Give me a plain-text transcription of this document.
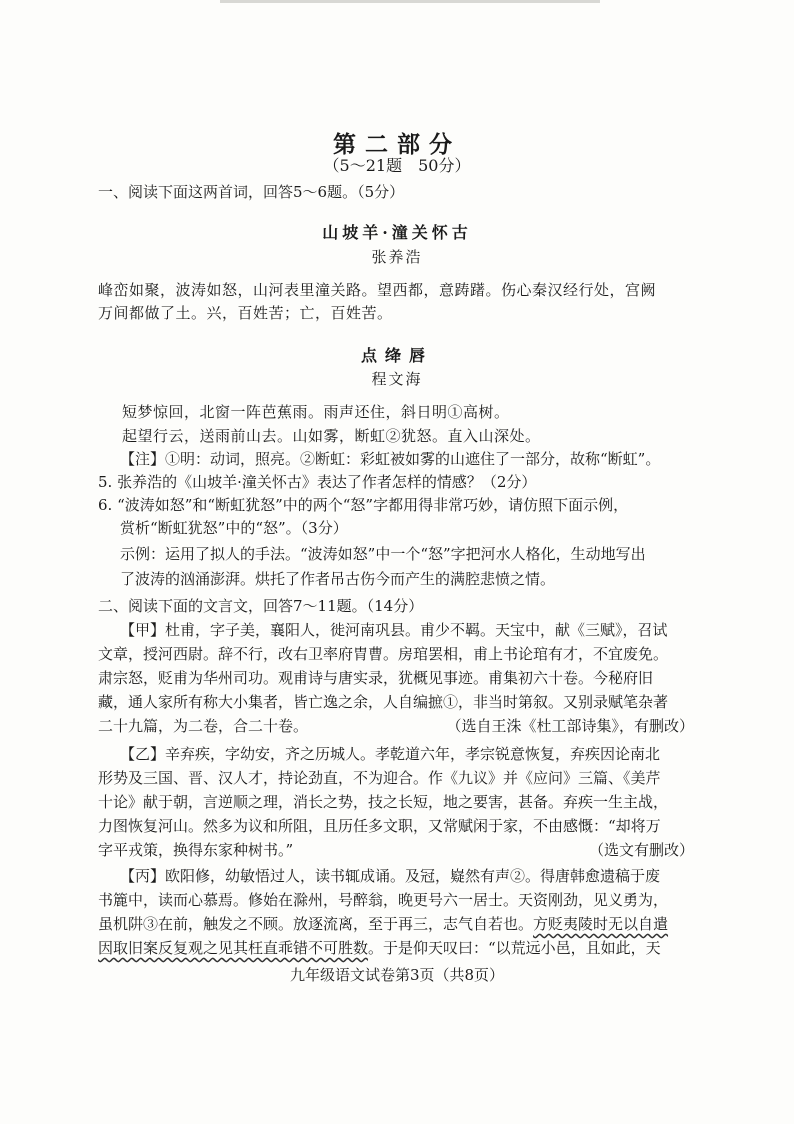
第二部分
（5～21题　50分）
一、阅读下面这两首词，回答5～6题。（5分）
山坡羊·潼关怀古
张养浩
峰峦如聚，波涛如怒，山河表里潼关路。望西都，意踌躇。伤心秦汉经行处，宫阙
万间都做了土。兴，百姓苦；亡，百姓苦。
点绛唇
程文海
短梦惊回，北窗一阵芭蕉雨。雨声还住，斜日明①高树。
起望行云，送雨前山去。山如雾，断虹②犹怒。直入山深处。
【注】①明：动词，照亮。②断虹：彩虹被如雾的山遮住了一部分，故称“断虹”。
5. 张养浩的《山坡羊·潼关怀古》表达了作者怎样的情感？（2分）
6. “波涛如怒”和“断虹犹怒”中的两个“怒”字都用得非常巧妙，请仿照下面示例，
赏析“断虹犹怒”中的“怒”。（3分）
示例：运用了拟人的手法。“波涛如怒”中一个“怒”字把河水人格化，生动地写出
了波涛的汹涌澎湃。烘托了作者吊古伤今而产生的满腔悲愤之情。
二、阅读下面的文言文，回答7～11题。（14分）
【甲】杜甫，字子美，襄阳人，徙河南巩县。甫少不羁。天宝中，献《三赋》，召试
文章，授河西尉。辞不行，改右卫率府胄曹。房琯罢相，甫上书论琯有才，不宜废免。
肃宗怒，贬甫为华州司功。观甫诗与唐实录，犹概见事迹。甫集初六十卷。今秘府旧
藏，通人家所有称大小集者，皆亡逸之余，人自编摭①，非当时第叙。又别录赋笔杂著
二十九篇，为二卷，合二十卷。	（选自王洙《杜工部诗集》，有删改）
【乙】辛弃疾，字幼安，齐之历城人。孝乾道六年，孝宗锐意恢复，弃疾因论南北
形势及三国、晋、汉人才，持论劲直，不为迎合。作《九议》并《应问》三篇、《美芹
十论》献于朝，言逆顺之理，消长之势，技之长短，地之要害，甚备。弃疾一生主战，
力图恢复河山。然多为议和所阻，且历任多文职，又常赋闲于家，不由感慨：“却将万
字平戎策，换得东家种树书。”	（选文有删改）
【丙】欧阳修，幼敏悟过人，读书辄成诵。及冠，嶷然有声②。得唐韩愈遗稿于废
书簏中，读而心慕焉。修始在滁州，号醉翁，晚更号六一居士。天资刚劲，见义勇为，
虽机阱③在前，触发之不顾。放逐流离，至于再三，志气自若也。方贬夷陵时无以自遣
因取旧案反复观之见其枉直乖错不可胜数。于是仰天叹曰：“以荒远小邑，且如此，天
九年级语文试卷第3页（共8页）
